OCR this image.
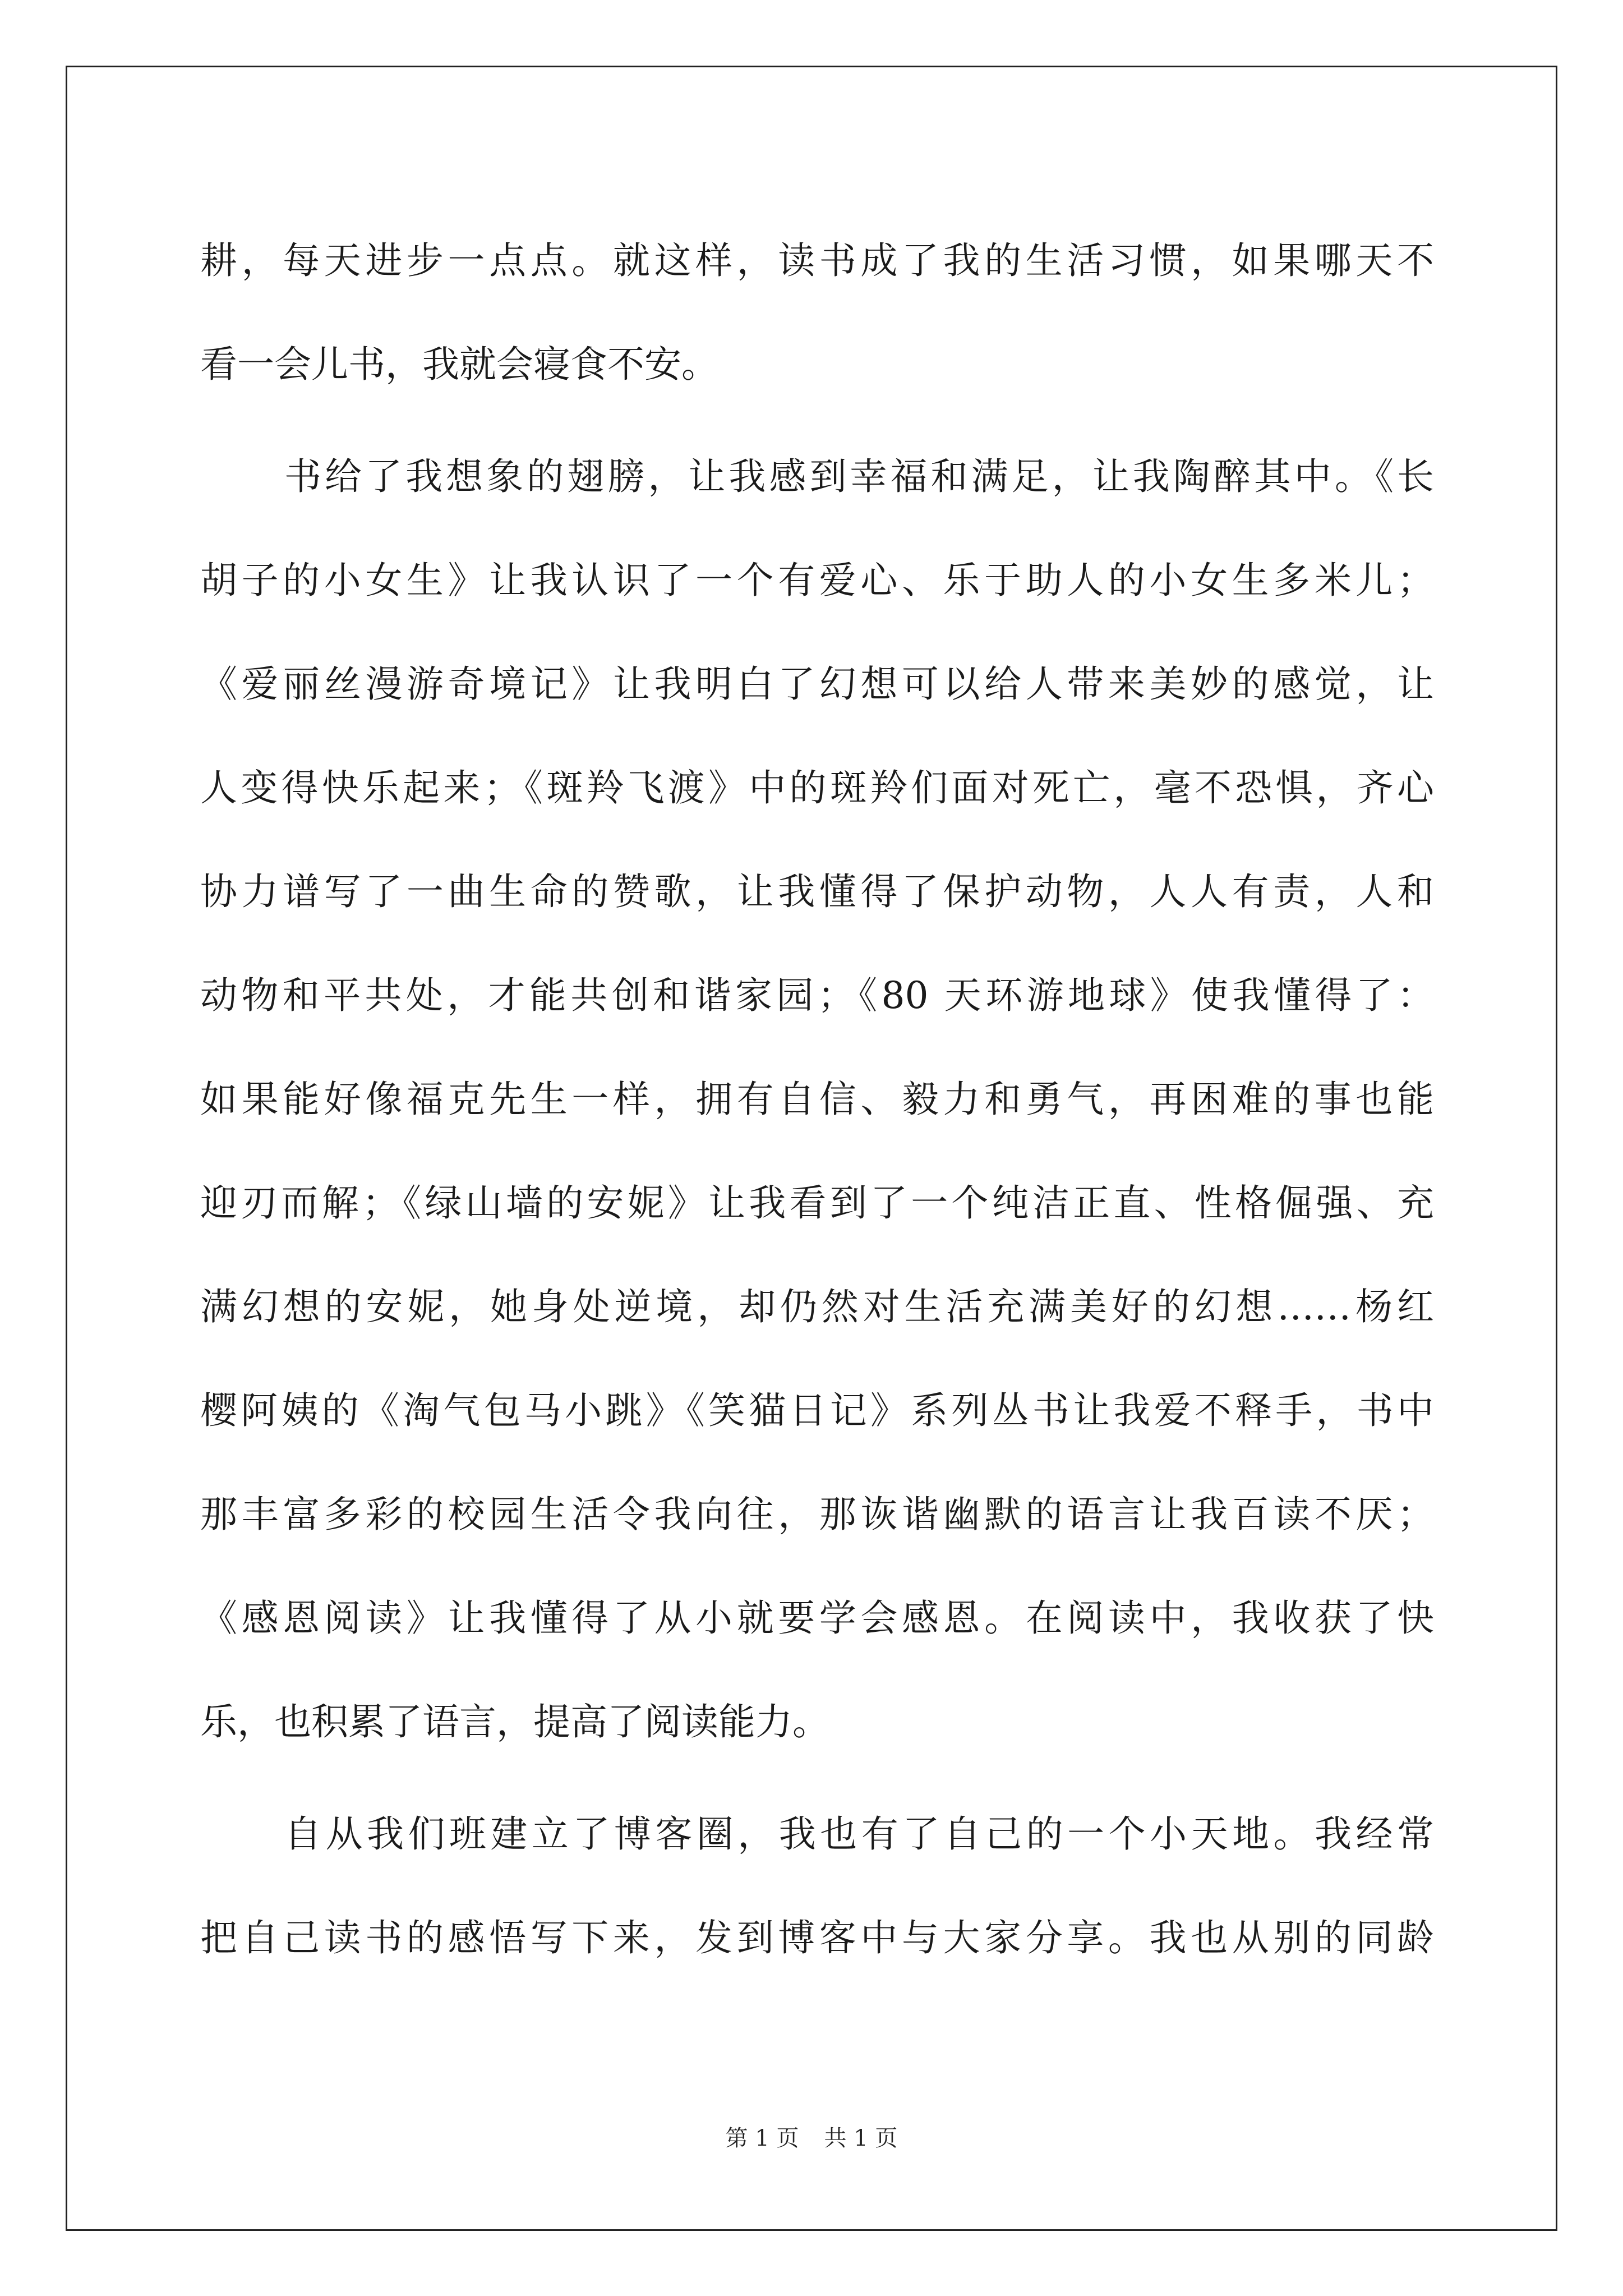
耕，每天进步一点点。就这样，读书成了我的生活习惯，如果哪天不
看一会儿书，我就会寝食不安。
书给了我想象的翅膀，让我感到幸福和满足，让我陶醉其中。《长
胡子的小女生》让我认识了一个有爱心、乐于助人的小女生多米儿；
《爱丽丝漫游奇境记》让我明白了幻想可以给人带来美妙的感觉，让
人变得快乐起来；《斑羚飞渡》中的斑羚们面对死亡，毫不恐惧，齐心
协力谱写了一曲生命的赞歌，让我懂得了保护动物，人人有责，人和
动物和平共处，才能共创和谐家园；《80 天环游地球》使我懂得了：
如果能好像福克先生一样，拥有自信、毅力和勇气，再困难的事也能
迎刃而解；《绿山墙的安妮》让我看到了一个纯洁正直、性格倔强、充
满幻想的安妮，她身处逆境，却仍然对生活充满美好的幻想……杨红
樱阿姨的《淘气包马小跳》《笑猫日记》系列丛书让我爱不释手，书中
那丰富多彩的校园生活令我向往，那诙谐幽默的语言让我百读不厌；
《感恩阅读》让我懂得了从小就要学会感恩。在阅读中，我收获了快
乐，也积累了语言，提高了阅读能力。
自从我们班建立了博客圈，我也有了自己的一个小天地。我经常
把自己读书的感悟写下来，发到博客中与大家分享。我也从别的同龄
第 1 页 共 1 页
